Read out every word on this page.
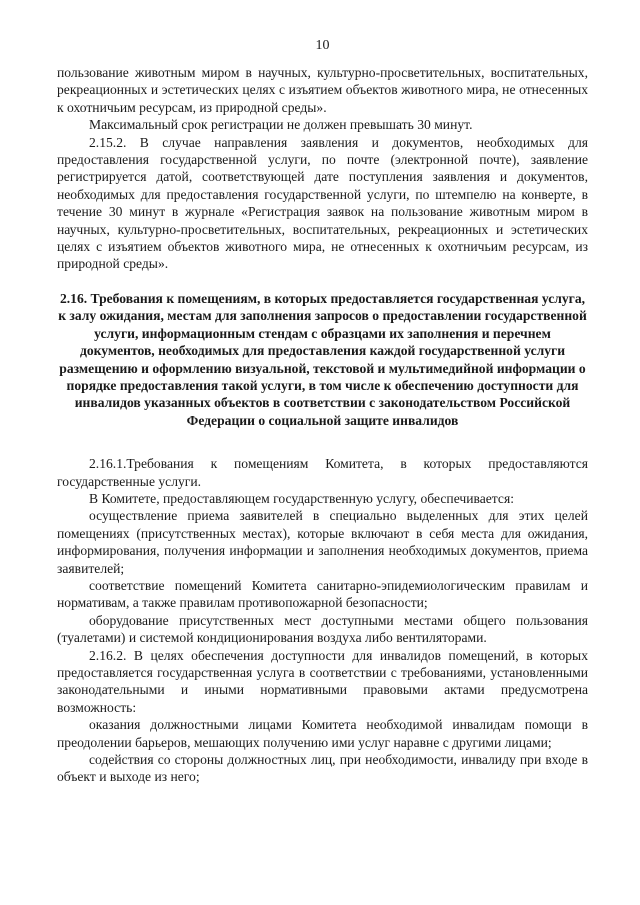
10

пользование животным миром в научных, культурно-просветительных, воспитательных, рекреационных и эстетических целях с изъятием объектов животного мира, не отнесенных к охотничьим ресурсам, из природной среды».

Максимальный срок регистрации не должен превышать 30 минут.

2.15.2. В случае направления заявления и документов, необходимых для предоставления государственной услуги, по почте (электронной почте), заявление регистрируется датой, соответствующей дате поступления заявления и документов, необходимых для предоставления государственной услуги, по штемпелю на конверте, в течение 30 минут в журнале «Регистрация заявок на пользование животным миром в научных, культурно-просветительных, воспитательных, рекреационных и эстетических целях с изъятием объектов животного мира, не отнесенных к охотничьим ресурсам, из природной среды».

2.16. Требования к помещениям, в которых предоставляется государственная услуга, к залу ожидания, местам для заполнения запросов о предоставлении государственной услуги, информационным стендам с образцами их заполнения и перечнем документов, необходимых для предоставления каждой государственной услуги размещению и оформлению визуальной, текстовой и мультимедийной информации о порядке предоставления такой услуги, в том числе к обеспечению доступности для инвалидов указанных объектов в соответствии с законодательством Российской Федерации о социальной защите инвалидов

2.16.1.Требования к помещениям Комитета, в которых предоставляются государственные услуги.

В Комитете, предоставляющем государственную услугу, обеспечивается:

осуществление приема заявителей в специально выделенных для этих целей помещениях (присутственных местах), которые включают в себя места для ожидания, информирования, получения информации и заполнения необходимых документов, приема заявителей;

соответствие помещений Комитета санитарно-эпидемиологическим правилам и нормативам, а также правилам противопожарной безопасности;

оборудование присутственных мест доступными местами общего пользования (туалетами) и системой кондиционирования воздуха либо вентиляторами.

2.16.2. В целях обеспечения доступности для инвалидов помещений, в которых предоставляется государственная услуга в соответствии с требованиями, установленными законодательными и иными нормативными правовыми актами предусмотрена возможность:

оказания должностными лицами Комитета необходимой инвалидам помощи в преодолении барьеров, мешающих получению ими услуг наравне с другими лицами;

содействия со стороны должностных лиц, при необходимости, инвалиду при входе в объект и выходе из него;
